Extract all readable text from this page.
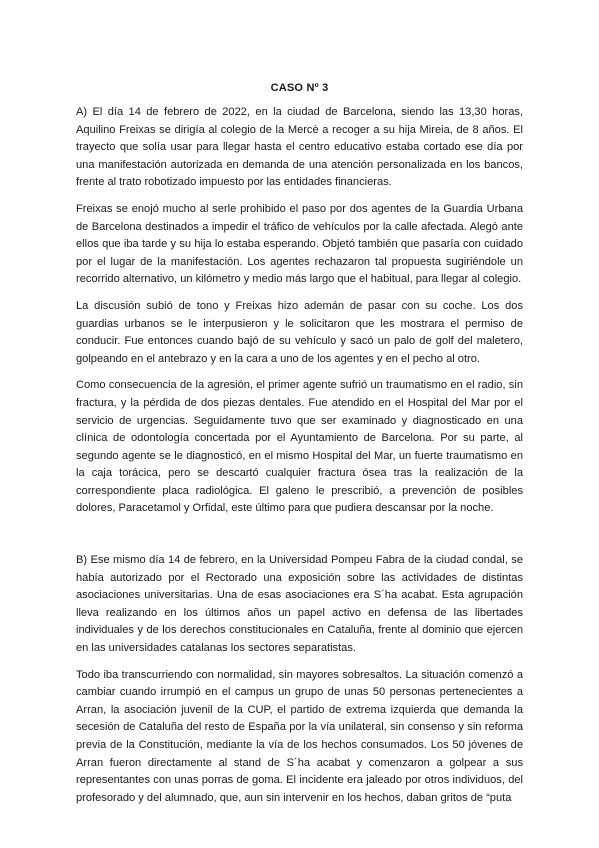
CASO Nº 3

A) El día 14 de febrero de 2022, en la ciudad de Barcelona, siendo las 13,30 horas, Aquilino Freixas se dirigía al colegio de la Mercè a recoger a su hija Mireia, de 8 años. El trayecto que solía usar para llegar hasta el centro educativo estaba cortado ese día por una manifestación autorizada en demanda de una atención personalizada en los bancos, frente al trato robotizado impuesto por las entidades financieras.

Freixas se enojó mucho al serle prohibido el paso por dos agentes de la Guardia Urbana de Barcelona destinados a impedir el tráfico de vehículos por la calle afectada. Alegó ante ellos que iba tarde y su hija lo estaba esperando. Objetó también que pasaría con cuidado por el lugar de la manifestación. Los agentes rechazaron tal propuesta sugiriéndole un recorrido alternativo, un kilómetro y medio más largo que el habitual, para llegar al colegio.

La discusión subió de tono y Freixas hizo ademán de pasar con su coche. Los dos guardias urbanos se le interpusieron y le solicitaron que les mostrara el permiso de conducir. Fue entonces cuando bajó de su vehículo y sacó un palo de golf del maletero, golpeando en el antebrazo y en la cara a uno de los agentes y en el pecho al otro.

Como consecuencia de la agresión, el primer agente sufrió un traumatismo en el radio, sin fractura, y la pérdida de dos piezas dentales. Fue atendido en el Hospital del Mar por el servicio de urgencias. Seguidamente tuvo que ser examinado y diagnosticado en una clínica de odontología concertada por el Ayuntamiento de Barcelona. Por su parte, al segundo agente se le diagnosticó, en el mismo Hospital del Mar, un fuerte traumatismo en la caja torácica, pero se descartó cualquier fractura ósea tras la realización de la correspondiente placa radiológica. El galeno le prescribió, a prevención de posibles dolores, Paracetamol y Orfidal, este último para que pudiera descansar por la noche.

B) Ese mismo día 14 de febrero, en la Universidad Pompeu Fabra de la ciudad condal, se había autorizado por el Rectorado una exposición sobre las actividades de distintas asociaciones universitarias. Una de esas asociaciones era S´ha acabat. Esta agrupación lleva realizando en los últimos años un papel activo en defensa de las libertades individuales y de los derechos constitucionales en Cataluña, frente al dominio que ejercen en las universidades catalanas los sectores separatistas.

Todo iba transcurriendo con normalidad, sin mayores sobresaltos. La situación comenzó a cambiar cuando irrumpió en el campus un grupo de unas 50 personas pertenecientes a Arran, la asociación juvenil de la CUP, el partido de extrema izquierda que demanda la secesión de Cataluña del resto de España por la vía unilateral, sin consenso y sin reforma previa de la Constitución, mediante la vía de los hechos consumados. Los 50 jóvenes de Arran fueron directamente al stand de S´ha acabat y comenzaron a golpear a sus representantes con unas porras de goma. El incidente era jaleado por otros individuos, del profesorado y del alumnado, que, aun sin intervenir en los hechos, daban gritos de “puta
